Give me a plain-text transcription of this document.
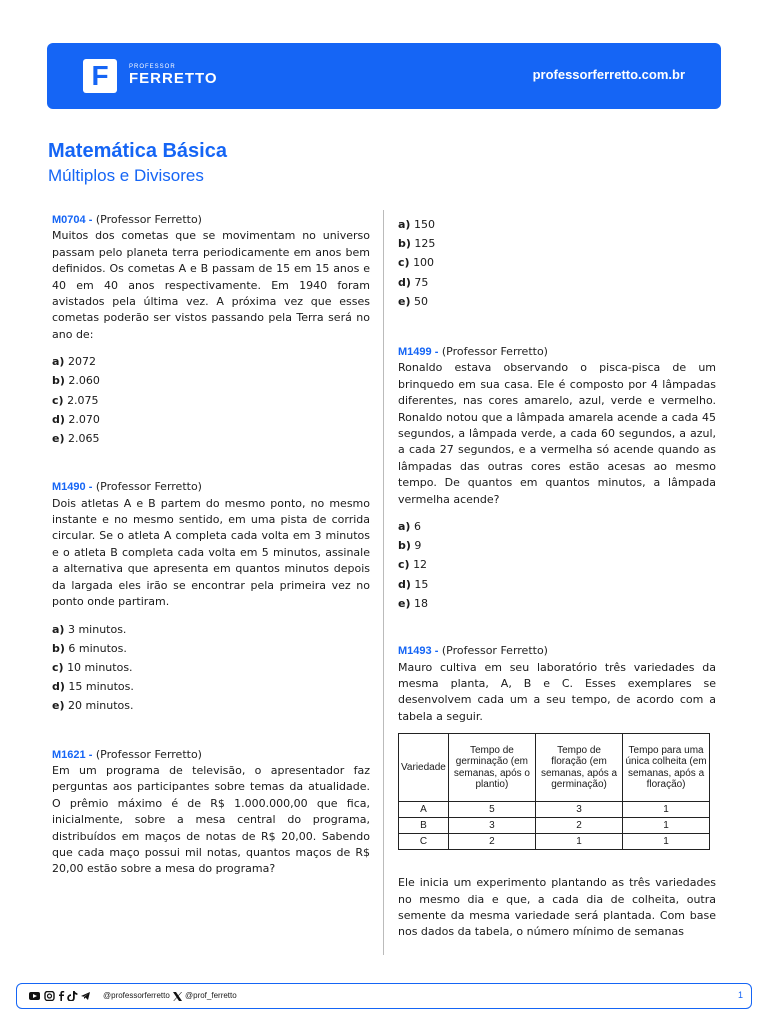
F	PROFESSOR
FERRETTO	professorferretto.com.br
Matemática Básica
Múltiplos e Divisores
M0704 - (Professor Ferretto)
Muitos dos cometas que se movimentam no universo passam pelo planeta terra periodicamente em anos bem definidos. Os cometas A e B passam de 15 em 15 anos e 40 em 40 anos respectivamente. Em 1940 foram avistados pela última vez. A próxima vez que esses cometas poderão ser vistos passando pela Terra será no ano de:
a) 2072
b) 2.060
c) 2.075
d) 2.070
e) 2.065
M1490 - (Professor Ferretto)
Dois atletas A e B partem do mesmo ponto, no mesmo instante e no mesmo sentido, em uma pista de corrida circular. Se o atleta A completa cada volta em 3 minutos e o atleta B completa cada volta em 5 minutos, assinale a alternativa que apresenta em quantos minutos depois da largada eles irão se encontrar pela primeira vez no ponto onde partiram.
a) 3 minutos.
b) 6 minutos.
c) 10 minutos.
d) 15 minutos.
e) 20 minutos.
M1621 - (Professor Ferretto)
Em um programa de televisão, o apresentador faz perguntas aos participantes sobre temas da atualidade. O prêmio máximo é de R$ 1.000.000,00 que fica, inicialmente, sobre a mesa central do programa, distribuídos em maços de notas de R$ 20,00. Sabendo que cada maço possui mil notas, quantos maços de R$ 20,00 estão sobre a mesa do programa?
a) 150
b) 125
c) 100
d) 75
e) 50
M1499 - (Professor Ferretto)
Ronaldo estava observando o pisca-pisca de um brinquedo em sua casa. Ele é composto por 4 lâmpadas diferentes, nas cores amarelo, azul, verde e vermelho. Ronaldo notou que a lâmpada amarela acende a cada 45 segundos, a lâmpada verde, a cada 60 segundos, a azul, a cada 27 segundos, e a vermelha só acende quando as lâmpadas das outras cores estão acesas ao mesmo tempo. De quantos em quantos minutos, a lâmpada vermelha acende?
a) 6
b) 9
c) 12
d) 15
e) 18
M1493 - (Professor Ferretto)
Mauro cultiva em seu laboratório três variedades da mesma planta, A, B e C. Esses exemplares se desenvolvem cada um a seu tempo, de acordo com a tabela a seguir.
Variedade	Tempo de germinação (em semanas, após o plantio)	Tempo de floração (em semanas, após a germinação)	Tempo para uma única colheita (em semanas, após a floração)
A	5	3	1
B	3	2	1
C	2	1	1
Ele inicia um experimento plantando as três variedades no mesmo dia e que, a cada dia de colheita, outra semente da mesma variedade será plantada. Com base nos dados da tabela, o número mínimo de semanas
@professorferretto @prof_ferretto	1
